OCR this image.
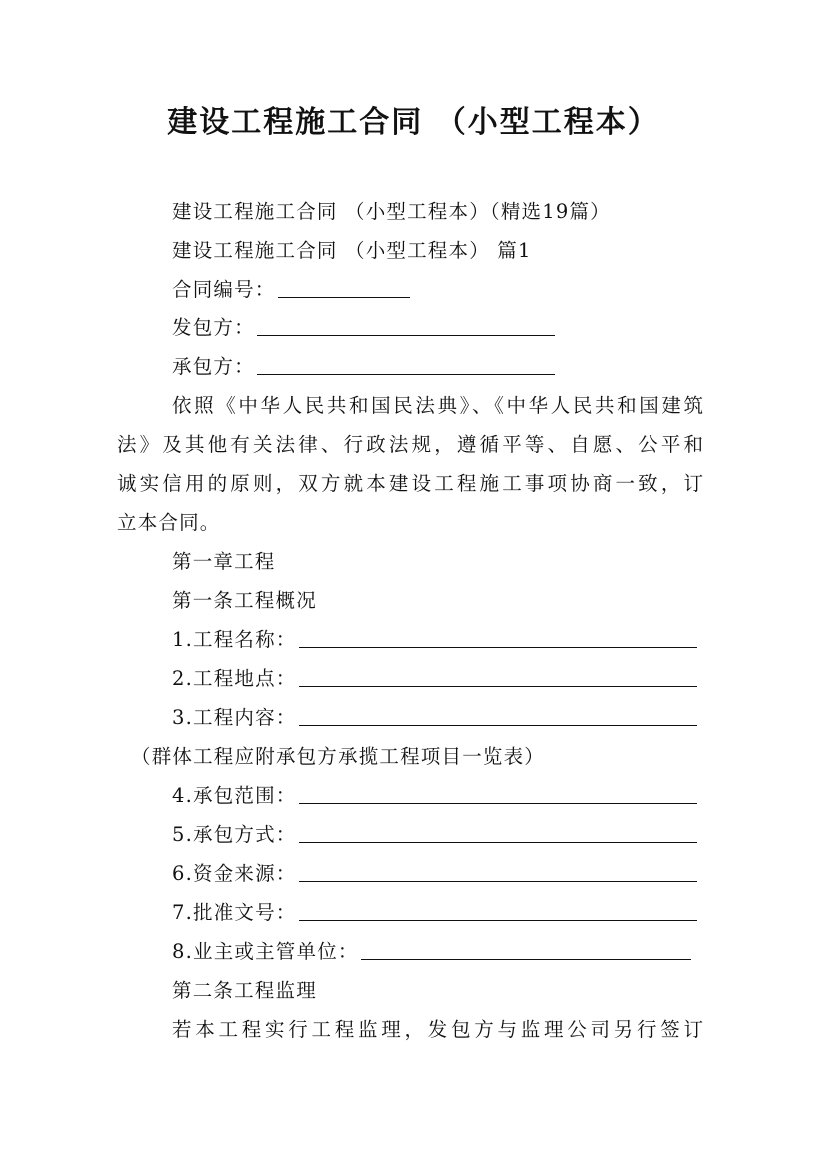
建设工程施工合同 （小型工程本）
建设工程施工合同 （小型工程本）（精选19篇）
建设工程施工合同 （小型工程本） 篇1
合同编号：
发包方：
承包方：
依照《中华人民共和国民法典》、《中华人民共和国建筑
法》及其他有关法律、行政法规，遵循平等、自愿、公平和
诚实信用的原则，双方就本建设工程施工事项协商一致，订
立本合同。
第一章工程
第一条工程概况
1.工程名称：
2.工程地点：
3.工程内容：
（群体工程应附承包方承揽工程项目一览表）
4.承包范围：
5.承包方式：
6.资金来源：
7.批准文号：
8.业主或主管单位：
第二条工程监理
若本工程实行工程监理，发包方与监理公司另行签订
